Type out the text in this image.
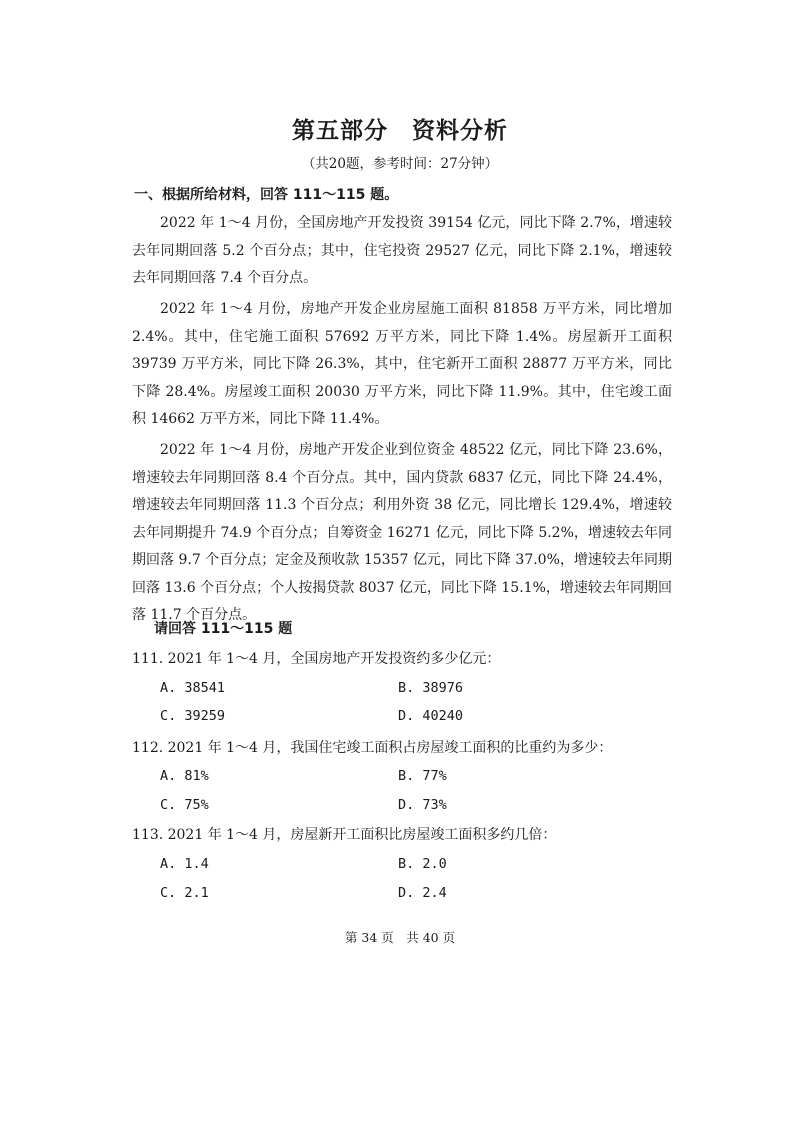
第五部分　资料分析
（共20题，参考时间：27分钟）
一、根据所给材料，回答 111～115 题。
2022 年 1～4 月份，全国房地产开发投资 39154 亿元，同比下降 2.7%，增速较去年同期回落 5.2 个百分点；其中，住宅投资 29527 亿元，同比下降 2.1%，增速较去年同期回落 7.4 个百分点。
2022 年 1～4 月份，房地产开发企业房屋施工面积 81858 万平方米，同比增加 2.4%。其中，住宅施工面积 57692 万平方米，同比下降 1.4%。房屋新开工面积 39739 万平方米，同比下降 26.3%，其中，住宅新开工面积 28877 万平方米，同比下降 28.4%。房屋竣工面积 20030 万平方米，同比下降 11.9%。其中，住宅竣工面积 14662 万平方米，同比下降 11.4%。
2022 年 1～4 月份，房地产开发企业到位资金 48522 亿元，同比下降 23.6%，增速较去年同期回落 8.4 个百分点。其中，国内贷款 6837 亿元，同比下降 24.4%，增速较去年同期回落 11.3 个百分点；利用外资 38 亿元，同比增长 129.4%，增速较去年同期提升 74.9 个百分点；自筹资金 16271 亿元，同比下降 5.2%，增速较去年同期回落 9.7 个百分点；定金及预收款 15357 亿元，同比下降 37.0%，增速较去年同期回落 13.6 个百分点；个人按揭贷款 8037 亿元，同比下降 15.1%，增速较去年同期回落 11.7 个百分点。
请回答 111～115 题
111. 2021 年 1～4 月，全国房地产开发投资约多少亿元：
A. 38541	B. 38976
C. 39259	D. 40240
112. 2021 年 1～4 月，我国住宅竣工面积占房屋竣工面积的比重约为多少：
A. 81%	B. 77%
C. 75%	D. 73%
113. 2021 年 1～4 月，房屋新开工面积比房屋竣工面积多约几倍：
A. 1.4	B. 2.0
C. 2.1	D. 2.4
第 34 页　共 40 页
